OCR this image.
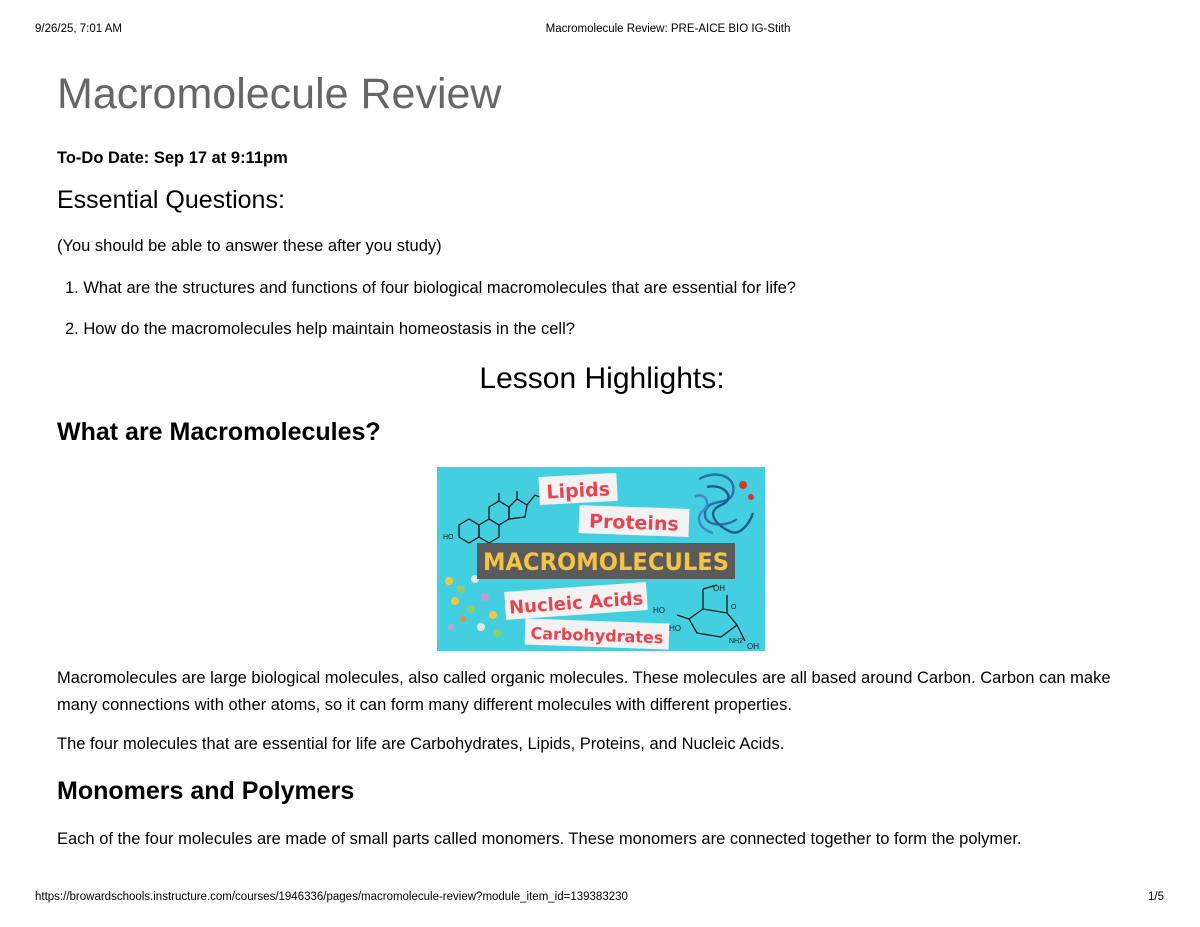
9/26/25, 7:01 AM	Macromolecule Review: PRE-AICE BIO IG-Stith
Macromolecule Review
To-Do Date: Sep 17 at 9:11pm
Essential Questions:
(You should be able to answer these after you study)
1. What are the structures and functions of four biological macromolecules that are essential for life?
2. How do the macromolecules help maintain homeostasis in the cell?
Lesson Highlights:
What are Macromolecules?
HO
OH
HO
HO
OH
NH2
O
Lipids
Proteins
MACROMOLECULES
Nucleic Acids
Carbohydrates

Macromolecules are large biological molecules, also called organic molecules. These molecules are all based around Carbon. Carbon can make many connections with other atoms, so it can form many different molecules with different properties.

The four molecules that are essential for life are Carbohydrates, Lipids, Proteins, and Nucleic Acids.

Monomers and Polymers

Each of the four molecules are made of small parts called monomers. These monomers are connected together to form the polymer.

https://browardschools.instructure.com/courses/1946336/pages/macromolecule-review?module_item_id=139383230	1/5
